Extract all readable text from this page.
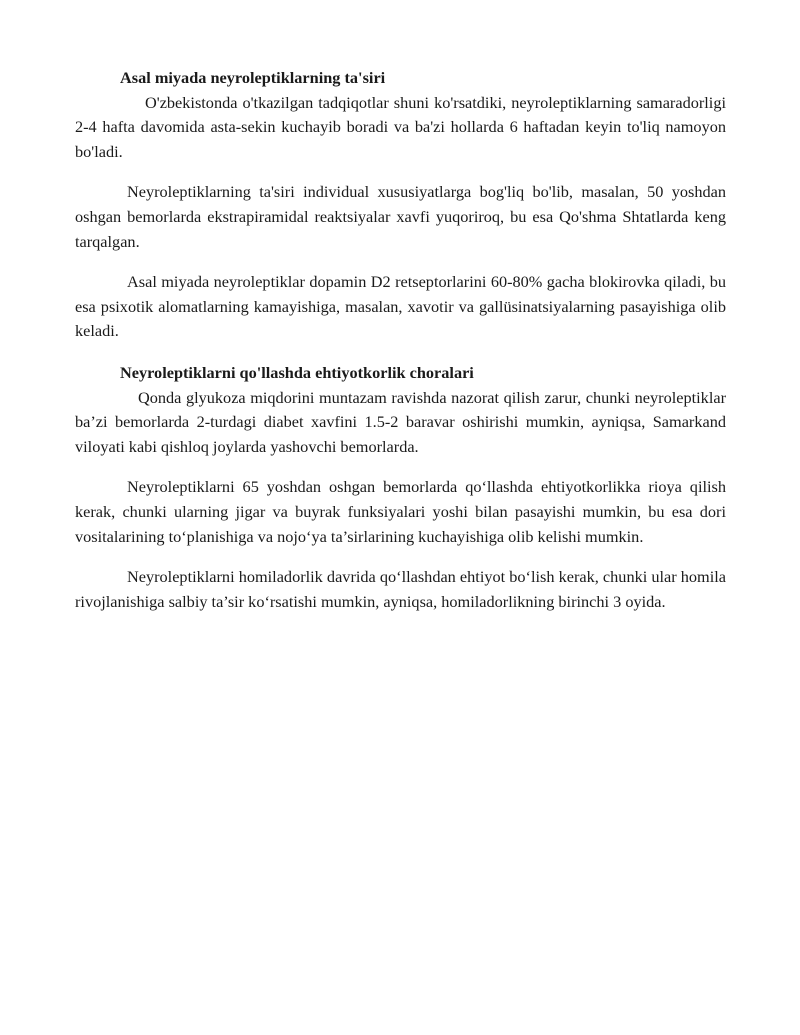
Asal miyada neyroleptiklarning ta'siri

O'zbekistonda o'tkazilgan tadqiqotlar shuni ko'rsatdiki, neyroleptiklarning samaradorligi 2-4 hafta davomida asta-sekin kuchayib boradi va ba'zi hollarda 6 haftadan keyin to'liq namoyon bo'ladi.

Neyroleptiklarning ta'siri individual xususiyatlarga bog'liq bo'lib, masalan, 50 yoshdan oshgan bemorlarda ekstrapiramidal reaktsiyalar xavfi yuqoriroq, bu esa Qo'shma Shtatlarda keng tarqalgan.

Asal miyada neyroleptiklar dopamin D2 retseptorlarini 60-80% gacha blokirovka qiladi, bu esa psixotik alomatlarning kamayishiga, masalan, xavotir va gallüsinatsiyalarning pasayishiga olib keladi.

Neyroleptiklarni qo'llashda ehtiyotkorlik choralari

Qonda glyukoza miqdorini muntazam ravishda nazorat qilish zarur, chunki neyroleptiklar ba’zi bemorlarda 2-turdagi diabet xavfini 1.5-2 baravar oshirishi mumkin, ayniqsa, Samarkand viloyati kabi qishloq joylarda yashovchi bemorlarda.

Neyroleptiklarni 65 yoshdan oshgan bemorlarda qo‘llashda ehtiyotkorlikka rioya qilish kerak, chunki ularning jigar va buyrak funksiyalari yoshi bilan pasayishi mumkin, bu esa dori vositalarining to‘planishiga va nojo‘ya ta’sirlarining kuchayishiga olib kelishi mumkin.

Neyroleptiklarni homiladorlik davrida qo‘llashdan ehtiyot bo‘lish kerak, chunki ular homila rivojlanishiga salbiy ta’sir ko‘rsatishi mumkin, ayniqsa, homiladorlikning birinchi 3 oyida.
